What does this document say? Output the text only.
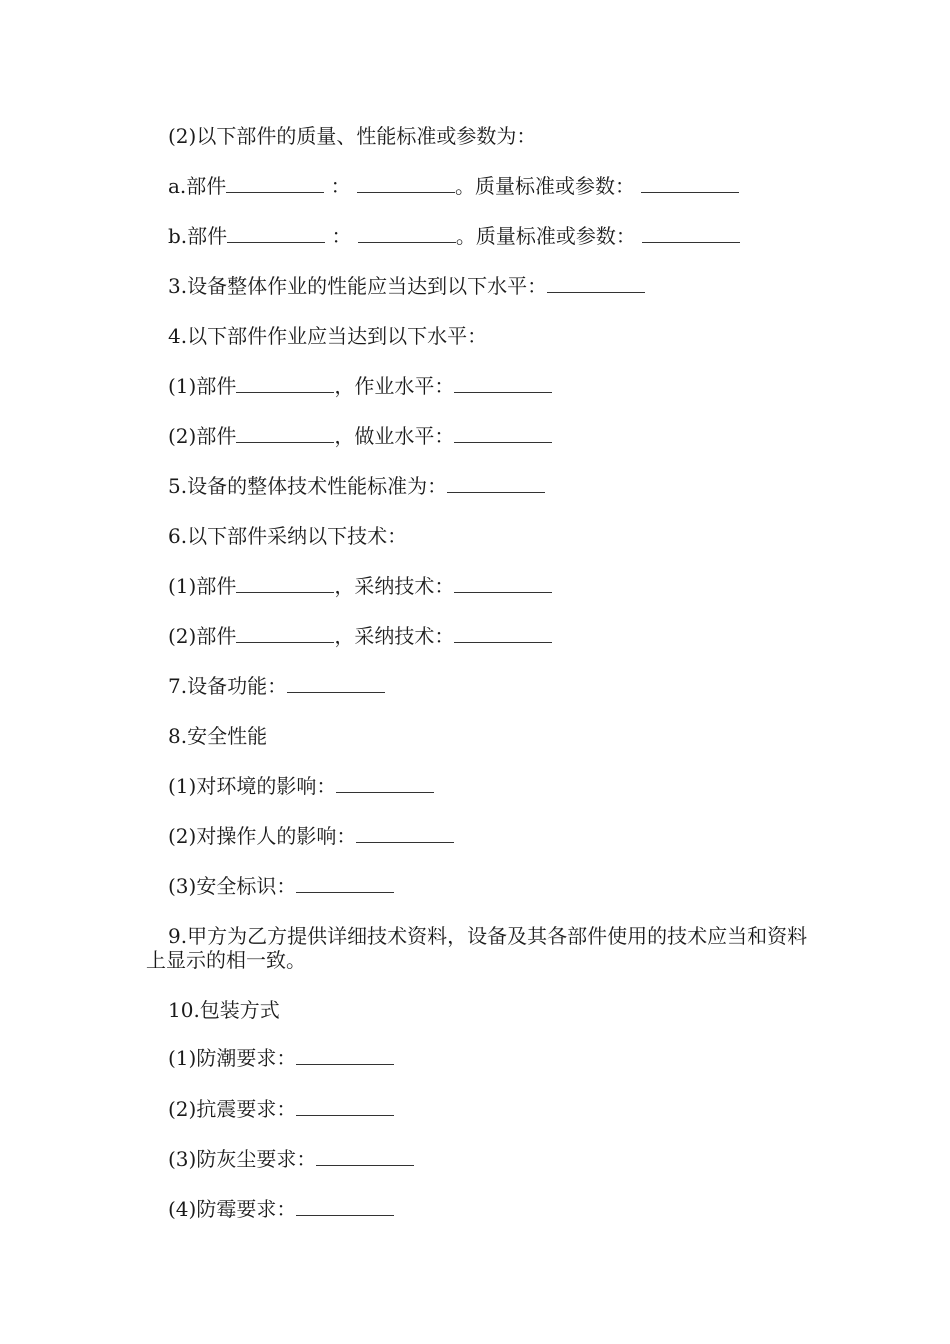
(2)以下部件的质量、性能标准或参数为：
a.部件	：	。质量标准或参数：
b.部件	：	。质量标准或参数：
3.设备整体作业的性能应当达到以下水平：
4.以下部件作业应当达到以下水平：
(1)部件	，作业水平：
(2)部件	，做业水平：
5.设备的整体技术性能标准为：
6.以下部件采纳以下技术：
(1)部件	，采纳技术：
(2)部件	，采纳技术：
7.设备功能：
8.安全性能
(1)对环境的影响：
(2)对操作人的影响：
(3)安全标识：
9.甲方为乙方提供详细技术资料，设备及其各部件使用的技术应当和资料上显示的相一致。
10.包装方式
(1)防潮要求：
(2)抗震要求：
(3)防灰尘要求：
(4)防霉要求：
